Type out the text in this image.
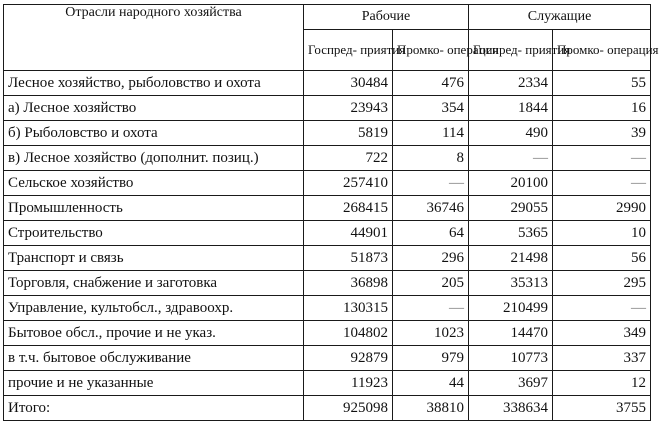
Отрасли народного хозяйства	Рабочие		Служащие	
	Госпред- приятия	Промко- операция	Госпред- приятия	Промко- операция
Лесное хозяйство, рыболовство и охота	30484	476	2334	55
а) Лесное хозяйство	23943	354	1844	16
б) Рыболовство и охота	5819	114	490	39
в) Лесное хозяйство (дополнит. позиц.)	722	8	—	—
Сельское хозяйство	257410	—	20100	—
Промышленность	268415	36746	29055	2990
Строительство	44901	64	5365	10
Транспорт и связь	51873	296	21498	56
Торговля, снабжение и заготовка	36898	205	35313	295
Управление, культобсл., здравоохр.	130315	—	210499	—
Бытовое обсл., прочие и не указ.	104802	1023	14470	349
в т.ч. бытовое обслуживание	92879	979	10773	337
прочие и не указанные	11923	44	3697	12
Итого:	925098	38810	338634	3755
